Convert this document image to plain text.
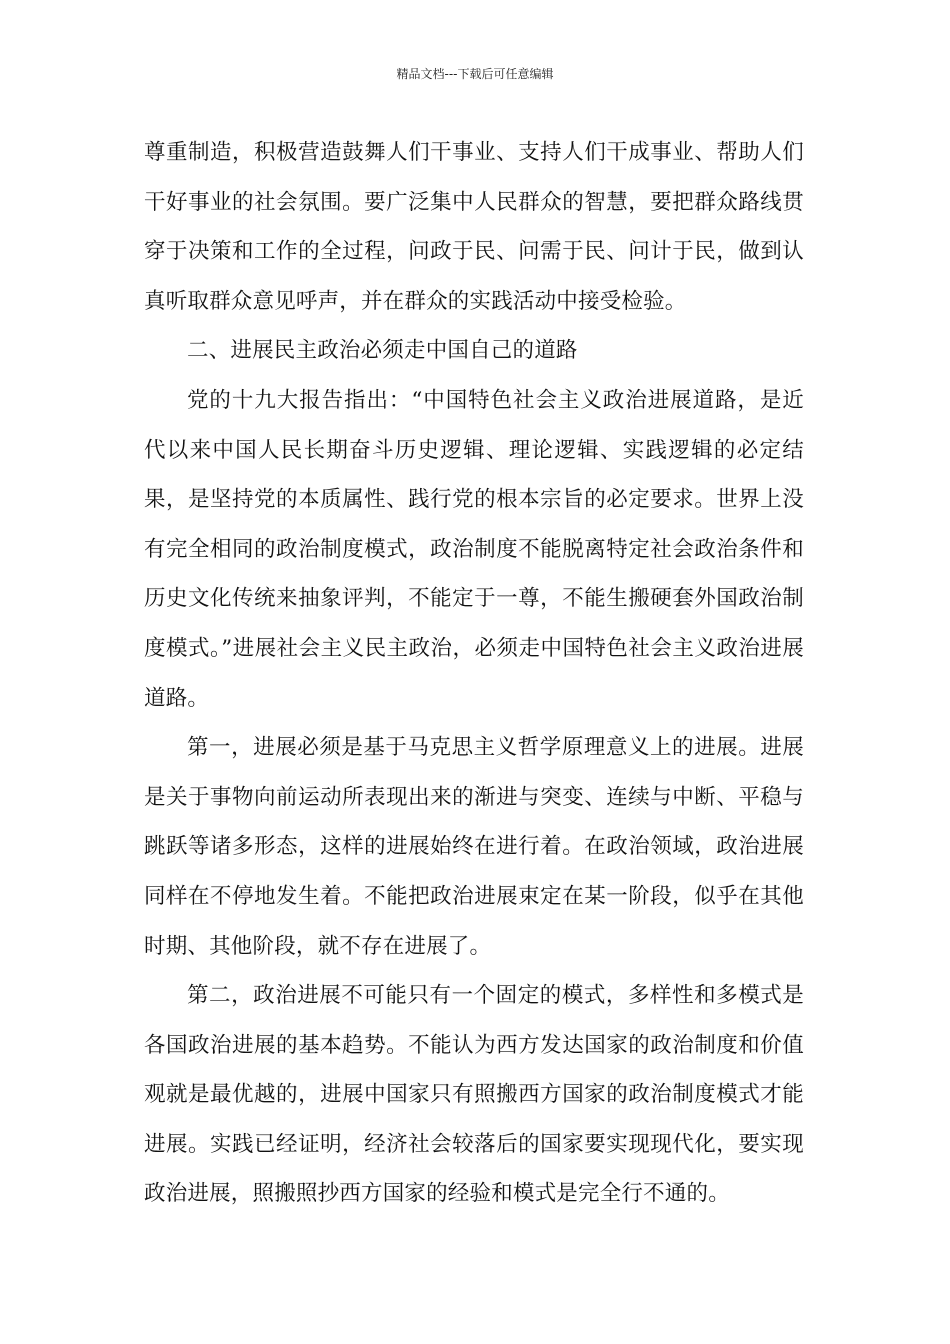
精品文档---下载后可任意编辑

尊重制造，积极营造鼓舞人们干事业、支持人们干成事业、帮助人们干好事业的社会氛围。要广泛集中人民群众的智慧，要把群众路线贯穿于决策和工作的全过程，问政于民、问需于民、问计于民，做到认真听取群众意见呼声，并在群众的实践活动中接受检验。

二、进展民主政治必须走中国自己的道路

党的十九大报告指出：“中国特色社会主义政治进展道路，是近代以来中国人民长期奋斗历史逻辑、理论逻辑、实践逻辑的必定结果，是坚持党的本质属性、践行党的根本宗旨的必定要求。世界上没有完全相同的政治制度模式，政治制度不能脱离特定社会政治条件和历史文化传统来抽象评判，不能定于一尊，不能生搬硬套外国政治制度模式。”进展社会主义民主政治，必须走中国特色社会主义政治进展道路。

第一，进展必须是基于马克思主义哲学原理意义上的进展。进展是关于事物向前运动所表现出来的渐进与突变、连续与中断、平稳与跳跃等诸多形态，这样的进展始终在进行着。在政治领域，政治进展同样在不停地发生着。不能把政治进展束定在某一阶段，似乎在其他时期、其他阶段，就不存在进展了。

第二，政治进展不可能只有一个固定的模式，多样性和多模式是各国政治进展的基本趋势。不能认为西方发达国家的政治制度和价值观就是最优越的，进展中国家只有照搬西方国家的政治制度模式才能进展。实践已经证明，经济社会较落后的国家要实现现代化，要实现政治进展，照搬照抄西方国家的经验和模式是完全行不通的。
